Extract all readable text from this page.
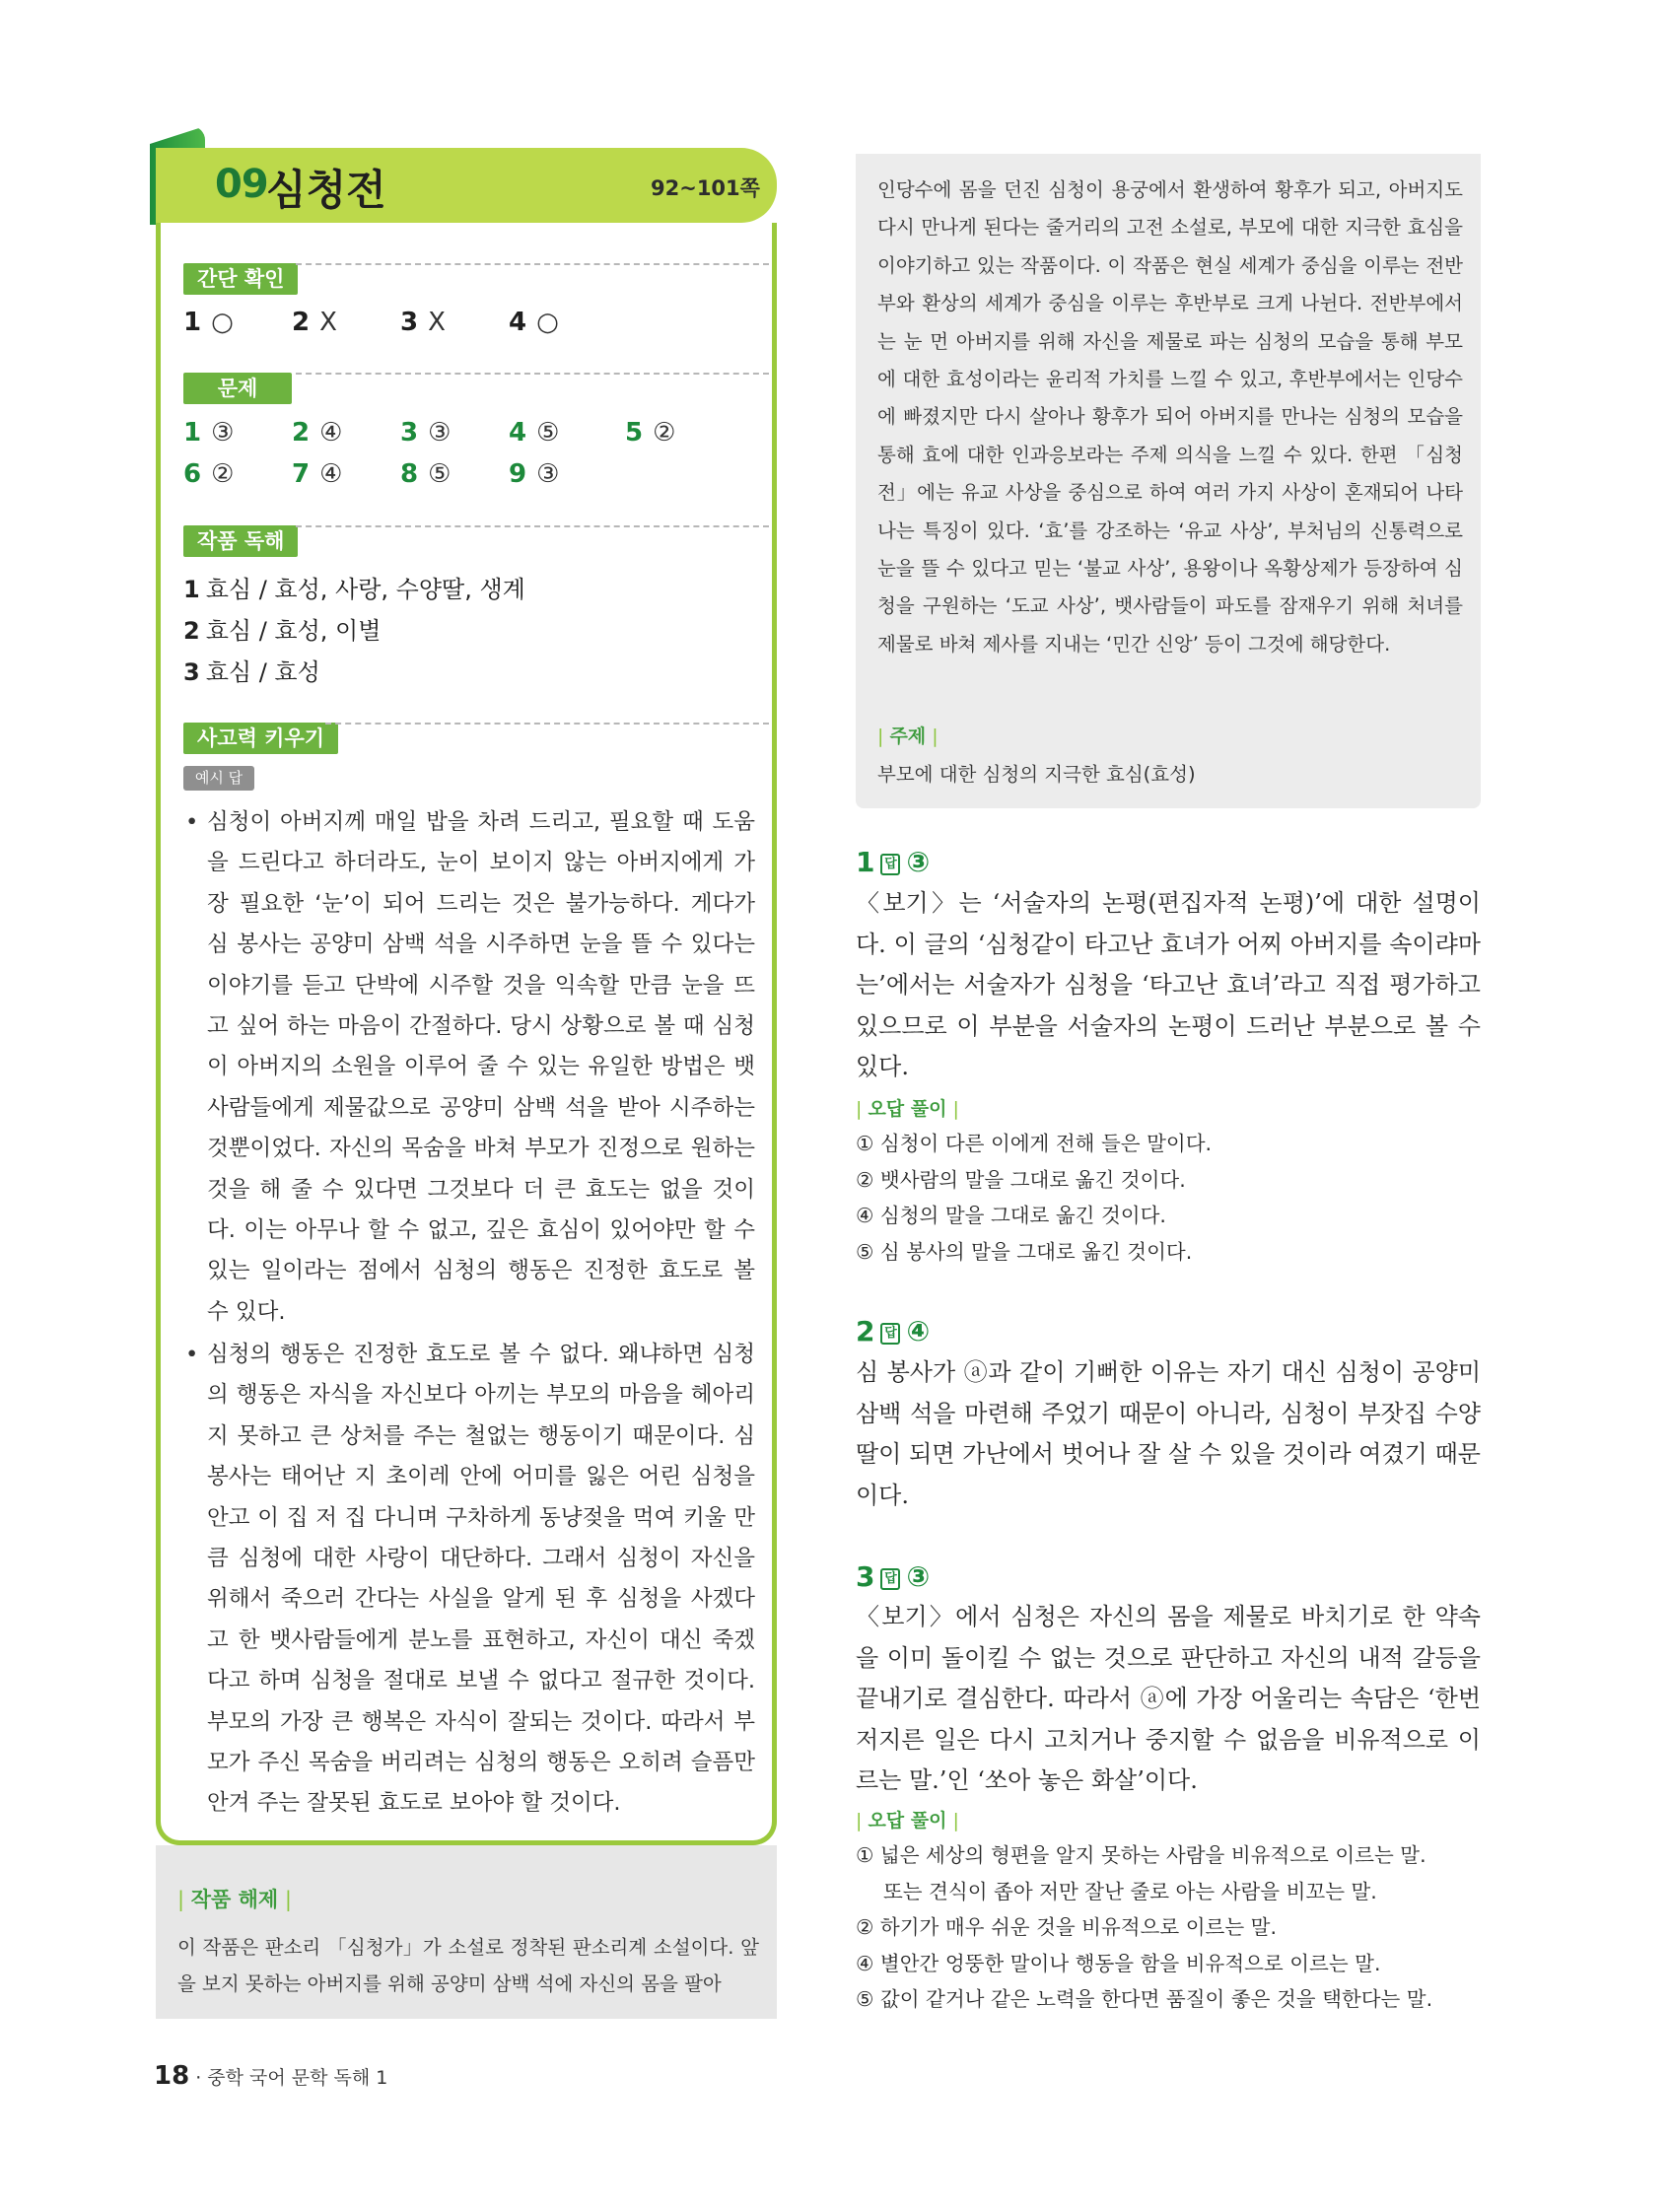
09
심청전	92~101쪽
간단 확인
1 ○ 2 X 3 X 4 ○
문제
1 ③ 2 ④ 3 ③ 4 ⑤	5 ②
6 ② 7 ④ 8 ⑤ 9 ③
작품 독해
1 효심 / 효성, 사랑, 수양딸, 생계
2 효심 / 효성, 이별
3 효심 / 효성
사고력 키우기
예시 답
• 심청이 아버지께 매일 밥을 차려 드리고, 필요할 때 도움을 드린다고 하더라도, 눈이 보이지 않는 아버지에게 가장 필요한 ‘눈’이 되어 드리는 것은 불가능하다. 게다가 심 봉사는 공양미 삼백 석을 시주하면 눈을 뜰 수 있다는 이야기를 듣고 단박에 시주할 것을 익속할 만큼 눈을 뜨고 싶어 하는 마음이 간절하다. 당시 상황으로 볼 때 심청이 아버지의 소원을 이루어 줄 수 있는 유일한 방법은 뱃사람들에게 제물값으로 공양미 삼백 석을 받아 시주하는 것뿐이었다. 자신의 목숨을 바쳐 부모가 진정으로 원하는 것을 해 줄 수 있다면 그것보다 더 큰 효도는 없을 것이다. 이는 아무나 할 수 없고, 깊은 효심이 있어야만 할 수 있는 일이라는 점에서 심청의 행동은 진정한 효도로 볼 수 있다.
• 심청의 행동은 진정한 효도로 볼 수 없다. 왜냐하면 심청의 행동은 자식을 자신보다 아끼는 부모의 마음을 헤아리지 못하고 큰 상처를 주는 철없는 행동이기 때문이다. 심 봉사는 태어난 지 초이레 안에 어미를 잃은 어린 심청을 안고 이 집 저 집 다니며 구차하게 동냥젖을 먹여 키울 만큼 심청에 대한 사랑이 대단하다. 그래서 심청이 자신을 위해서 죽으러 간다는 사실을 알게 된 후 심청을 사겠다고 한 뱃사람들에게 분노를 표현하고, 자신이 대신 죽겠다고 하며 심청을 절대로 보낼 수 없다고 절규한 것이다. 부모의 가장 큰 행복은 자식이 잘되는 것이다. 따라서 부모가 주신 목숨을 버리려는 심청의 행동은 오히려 슬픔만 안겨 주는 잘못된 효도로 보아야 할 것이다.
| 작품 해제 |
이 작품은 판소리 「심청가」가 소설로 정착된 판소리계 소설이다. 앞을 보지 못하는 아버지를 위해 공양미 삼백 석에 자신의 몸을 팔아
인당수에 몸을 던진 심청이 용궁에서 환생하여 황후가 되고, 아버지도 다시 만나게 된다는 줄거리의 고전 소설로, 부모에 대한 지극한 효심을 이야기하고 있는 작품이다. 이 작품은 현실 세계가 중심을 이루는 전반부와 환상의 세계가 중심을 이루는 후반부로 크게 나뉜다. 전반부에서는 눈 먼 아버지를 위해 자신을 제물로 파는 심청의 모습을 통해 부모에 대한 효성이라는 윤리적 가치를 느낄 수 있고, 후반부에서는 인당수에 빠졌지만 다시 살아나 황후가 되어 아버지를 만나는 심청의 모습을 통해 효에 대한 인과응보라는 주제 의식을 느낄 수 있다. 한편 「심청전」에는 유교 사상을 중심으로 하여 여러 가지 사상이 혼재되어 나타나는 특징이 있다. ‘효’를 강조하는 ‘유교 사상’, 부처님의 신통력으로 눈을 뜰 수 있다고 믿는 ‘불교 사상’, 용왕이나 옥황상제가 등장하여 심청을 구원하는 ‘도교 사상’, 뱃사람들이 파도를 잠재우기 위해 처녀를 제물로 바쳐 제사를 지내는 ‘민간 신앙’ 등이 그것에 해당한다.
| 주제 |
부모에 대한 심청의 지극한 효심(효성)
1 답 ③
〈보기〉는 ‘서술자의 논평(편집자적 논평)’에 대한 설명이다. 이 글의 ‘심청같이 타고난 효녀가 어찌 아버지를 속이랴마는’에서는 서술자가 심청을 ‘타고난 효녀’라고 직접 평가하고 있으므로 이 부분을 서술자의 논평이 드러난 부분으로 볼 수 있다.
| 오답 풀이 |
① 심청이 다른 이에게 전해 들은 말이다.
② 뱃사람의 말을 그대로 옮긴 것이다.
④ 심청의 말을 그대로 옮긴 것이다.
⑤ 심 봉사의 말을 그대로 옮긴 것이다.
2 답 ④
심 봉사가 ⓐ과 같이 기뻐한 이유는 자기 대신 심청이 공양미 삼백 석을 마련해 주었기 때문이 아니라, 심청이 부잣집 수양딸이 되면 가난에서 벗어나 잘 살 수 있을 것이라 여겼기 때문이다.
3 답 ③
〈보기〉에서 심청은 자신의 몸을 제물로 바치기로 한 약속을 이미 돌이킬 수 없는 것으로 판단하고 자신의 내적 갈등을 끝내기로 결심한다. 따라서 ⓐ에 가장 어울리는 속담은 ‘한번 저지른 일은 다시 고치거나 중지할 수 없음을 비유적으로 이르는 말.’인 ‘쏘아 놓은 화살’이다.
| 오답 풀이 |
① 넓은 세상의 형편을 알지 못하는 사람을 비유적으로 이르는 말.
또는 견식이 좁아 저만 잘난 줄로 아는 사람을 비꼬는 말.
② 하기가 매우 쉬운 것을 비유적으로 이르는 말.
④ 별안간 엉뚱한 말이나 행동을 함을 비유적으로 이르는 말.
⑤ 값이 같거나 같은 노력을 한다면 품질이 좋은 것을 택한다는 말.
18 · 중학 국어 문학 독해 1
